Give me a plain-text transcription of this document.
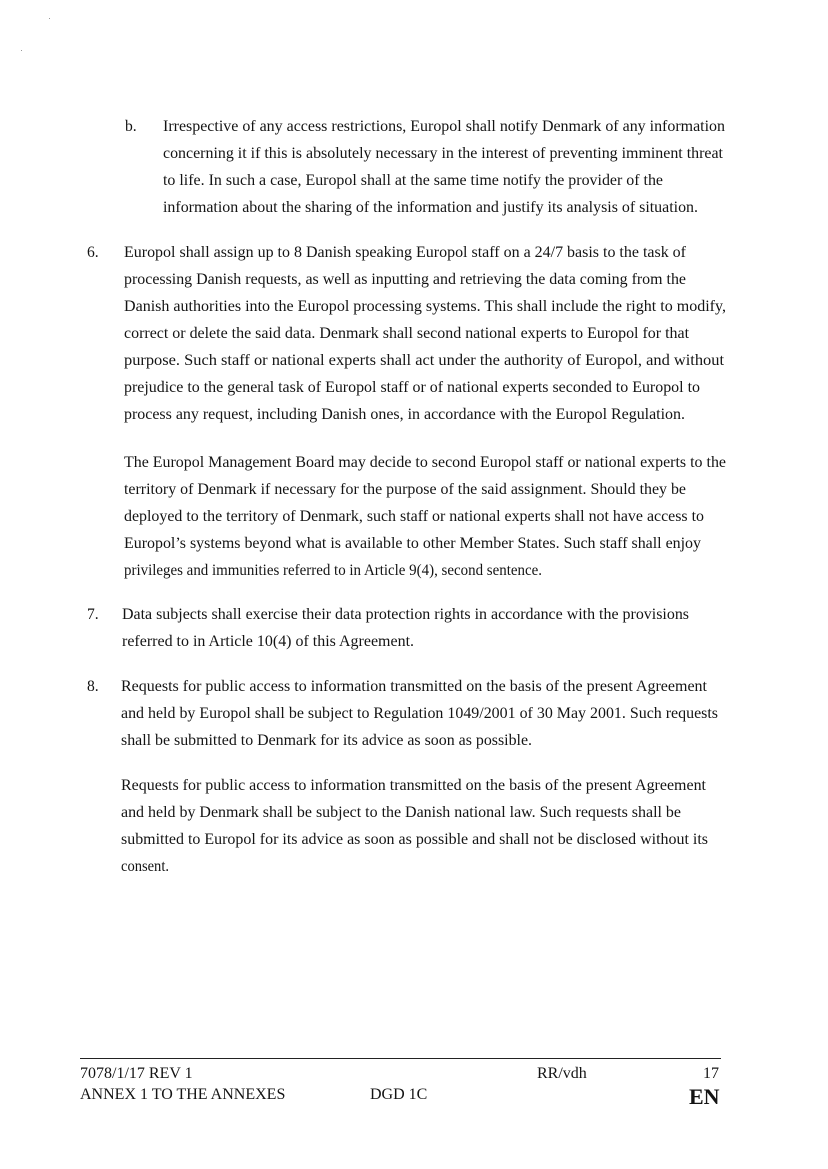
b. Irrespective of any access restrictions, Europol shall notify Denmark of any information
concerning it if this is absolutely necessary in the interest of preventing imminent threat
to life. In such a case, Europol shall at the same time notify the provider of the
information about the sharing of the information and justify its analysis of situation.
6. Europol shall assign up to 8 Danish speaking Europol staff on a 24/7 basis to the task of
processing Danish requests, as well as inputting and retrieving the data coming from the
Danish authorities into the Europol processing systems. This shall include the right to modify,
correct or delete the said data. Denmark shall second national experts to Europol for that
purpose. Such staff or national experts shall act under the authority of Europol, and without
prejudice to the general task of Europol staff or of national experts seconded to Europol to
process any request, including Danish ones, in accordance with the Europol Regulation.
The Europol Management Board may decide to second Europol staff or national experts to the
territory of Denmark if necessary for the purpose of the said assignment. Should they be
deployed to the territory of Denmark, such staff or national experts shall not have access to
Europol’s systems beyond what is available to other Member States. Such staff shall enjoy
privileges and immunities referred to in Article 9(4), second sentence.
7. Data subjects shall exercise their data protection rights in accordance with the provisions
referred to in Article 10(4) of this Agreement.
8. Requests for public access to information transmitted on the basis of the present Agreement
and held by Europol shall be subject to Regulation 1049/2001 of 30 May 2001. Such requests
shall be submitted to Denmark for its advice as soon as possible.
Requests for public access to information transmitted on the basis of the present Agreement
and held by Denmark shall be subject to the Danish national law. Such requests shall be
submitted to Europol for its advice as soon as possible and shall not be disclosed without its
consent.
7078/1/17 REV 1
ANNEX 1 TO THE ANNEXES	DGD 1C
RR/vdh	17
EN
